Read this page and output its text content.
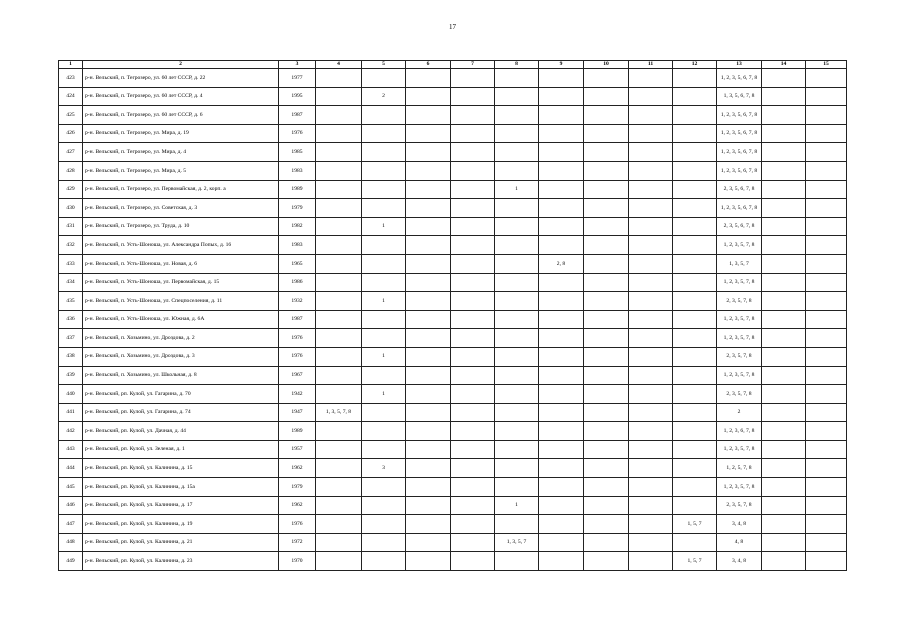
17
1	2	3	4	5	6	7	8	9	10	11	12	13	14	15
423	р-н. Вельский, п. Тегрозеро, ул. 60 лет СССР, д. 22	1977										1, 2, 3, 5, 6, 7, 8		
424	р-н. Вельский, п. Тегрозеро, ул. 60 лет СССР, д. 4	1995		2								1, 3, 5, 6, 7, 8		
425	р-н. Вельский, п. Тегрозеро, ул. 60 лет СССР, д. 6	1987										1, 2, 3, 5, 6, 7, 8		
426	р-н. Вельский, п. Тегрозеро, ул. Мира, д. 19	1976										1, 2, 3, 5, 6, 7, 8		
427	р-н. Вельский, п. Тегрозеро, ул. Мира, д. 4	1985										1, 2, 3, 5, 6, 7, 8		
428	р-н. Вельский, п. Тегрозеро, ул. Мира, д. 5	1983										1, 2, 3, 5, 6, 7, 8		
429	р-н. Вельский, п. Тегрозеро, ул. Первомайская, д. 2, корп. а	1989					1					2, 3, 5, 6, 7, 8		
430	р-н. Вельский, п. Тегрозеро, ул. Советская, д. 3	1979										1, 2, 3, 5, 6, 7, 8		
431	р-н. Вельский, п. Тегрозеро, ул. Труда, д. 10	1982		1								2, 3, 5, 6, 7, 8		
432	р-н. Вельский, п. Усть-Шоноша, ул. Александра Попых, д. 16	1983										1, 2, 3, 5, 7, 8		
433	р-н. Вельский, п. Усть-Шоноша, ул. Новая, д. 6	1965						2, 8				1, 3, 5, 7		
434	р-н. Вельский, п. Усть-Шоноша, ул. Первомайская, д. 15	1986										1, 2, 3, 5, 7, 8		
435	р-н. Вельский, п. Усть-Шоноша, ул. Спецпоселения, д. 11	1932		1								2, 3, 5, 7, 8		
436	р-н. Вельский, п. Усть-Шоноша, ул. Южная, д. 6А	1987										1, 2, 3, 5, 7, 8		
437	р-н. Вельский, п. Хозьмино, ул. Дроздова, д. 2	1976										1, 2, 3, 5, 7, 8		
438	р-н. Вельский, п. Хозьмино, ул. Дроздова, д. 3	1976		1								2, 3, 5, 7, 8		
439	р-н. Вельский, п. Хозьмино, ул. Школьная, д. 8	1967										1, 2, 3, 5, 7, 8		
440	р-н. Вельский, рп. Кулой, ул. Гагарина, д. 70	1942		1								2, 3, 5, 7, 8		
441	р-н. Вельский, рп. Кулой, ул. Гагарина, д. 74	1947	1, 3, 5, 7, 8									2		
442	р-н. Вельский, рп. Кулой, ул. Дачная, д. 44	1989										1, 2, 3, 6, 7, 8		
443	р-н. Вельский, рп. Кулой, ул. Зеленая, д. 1	1957										1, 2, 3, 5, 7, 8		
444	р-н. Вельский, рп. Кулой, ул. Калинина, д. 15	1962		3								1, 2, 5, 7, 8		
445	р-н. Вельский, рп. Кулой, ул. Калинина, д. 15а	1979										1, 2, 3, 5, 7, 8		
446	р-н. Вельский, рп. Кулой, ул. Калинина, д. 17	1962					1					2, 3, 5, 7, 8		
447	р-н. Вельский, рп. Кулой, ул. Калинина, д. 19	1976									1, 5, 7	3, 4, 8		
448	р-н. Вельский, рп. Кулой, ул. Калинина, д. 21	1972					1, 3, 5, 7					4, 8		
449	р-н. Вельский, рп. Кулой, ул. Калинина, д. 23	1970									1, 5, 7	3, 4, 8		
